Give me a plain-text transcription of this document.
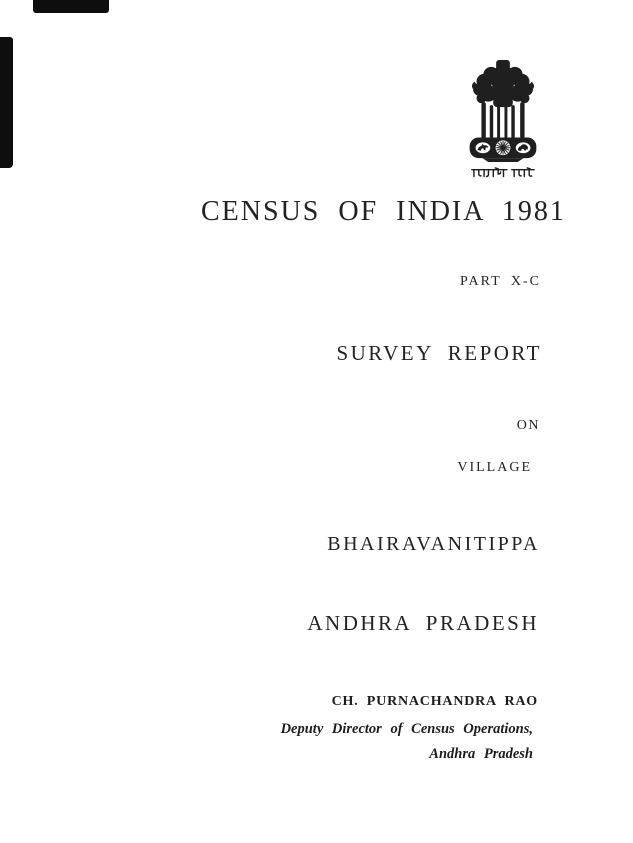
CENSUS OF INDIA 1981
PART X-C
SURVEY REPORT
ON
VILLAGE
BHAIRAVANITIPPA
ANDHRA PRADESH
CH. PURNACHANDRA RAO
Deputy Director of Census Operations,
Andhra Pradesh
